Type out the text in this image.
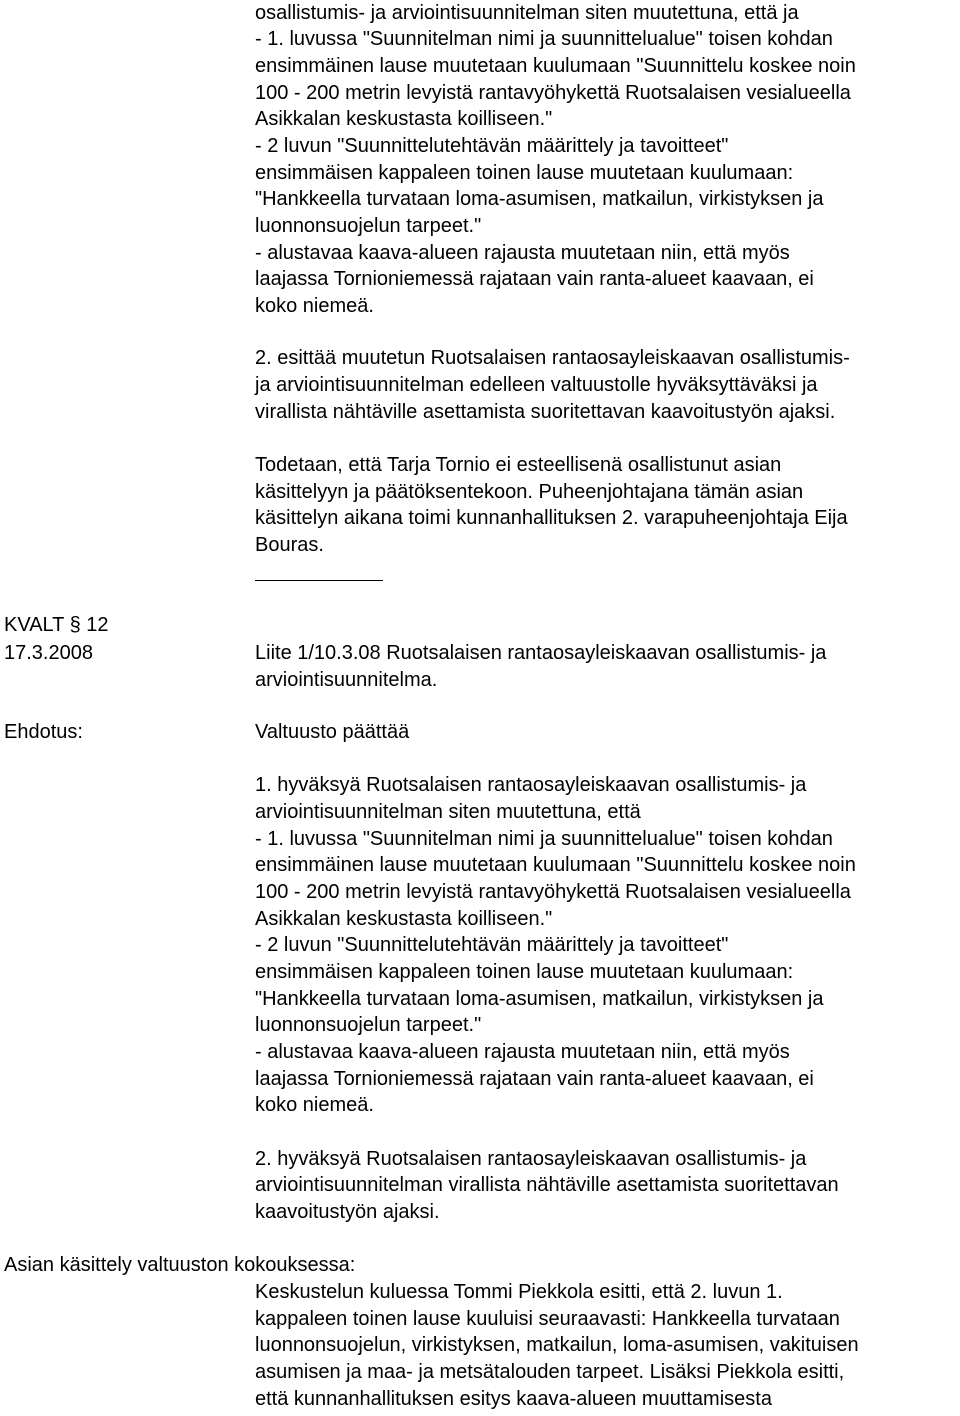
osallistumis- ja arviointisuunnitelman siten muutettuna, että ja
- 1. luvussa "Suunnitelman nimi ja suunnittelualue" toisen kohdan
ensimmäinen lause muutetaan kuulumaan "Suunnittelu koskee noin
100 - 200 metrin levyistä rantavyöhykettä Ruotsalaisen vesialueella
Asikkalan keskustasta koilliseen."
- 2 luvun "Suunnittelutehtävän määrittely ja tavoitteet"
ensimmäisen kappaleen toinen lause muutetaan kuulumaan:
"Hankkeella turvataan loma-asumisen, matkailun, virkistyksen ja
luonnonsuojelun tarpeet."
- alustavaa kaava-alueen rajausta muutetaan niin, että myös
laajassa Tornioniemessä rajataan vain ranta-alueet kaavaan, ei
koko niemeä.
2. esittää muutetun Ruotsalaisen rantaosayleiskaavan osallistumis-
ja arviointisuunnitelman edelleen valtuustolle hyväksyttäväksi ja
virallista nähtäville asettamista suoritettavan kaavoitustyön ajaksi.
Todetaan, että Tarja Tornio ei esteellisenä osallistunut asian
käsittelyyn ja päätöksentekoon. Puheenjohtajana tämän asian
käsittelyn aikana toimi kunnanhallituksen 2. varapuheenjohtaja Eija
Bouras.
KVALT § 12
17.3.2008	Liite 1/10.3.08 Ruotsalaisen rantaosayleiskaavan osallistumis- ja
arviointisuunnitelma.
Ehdotus:	Valtuusto päättää
1. hyväksyä Ruotsalaisen rantaosayleiskaavan osallistumis- ja
arviointisuunnitelman siten muutettuna, että
- 1. luvussa "Suunnitelman nimi ja suunnittelualue" toisen kohdan
ensimmäinen lause muutetaan kuulumaan "Suunnittelu koskee noin
100 - 200 metrin levyistä rantavyöhykettä Ruotsalaisen vesialueella
Asikkalan keskustasta koilliseen."
- 2 luvun "Suunnittelutehtävän määrittely ja tavoitteet"
ensimmäisen kappaleen toinen lause muutetaan kuulumaan:
"Hankkeella turvataan loma-asumisen, matkailun, virkistyksen ja
luonnonsuojelun tarpeet."
- alustavaa kaava-alueen rajausta muutetaan niin, että myös
laajassa Tornioniemessä rajataan vain ranta-alueet kaavaan, ei
koko niemeä.
2. hyväksyä Ruotsalaisen rantaosayleiskaavan osallistumis- ja
arviointisuunnitelman virallista nähtäville asettamista suoritettavan
kaavoitustyön ajaksi.
Asian käsittely valtuuston kokouksessa:
Keskustelun kuluessa Tommi Piekkola esitti, että 2. luvun 1.
kappaleen toinen lause kuuluisi seuraavasti: Hankkeella turvataan
luonnonsuojelun, virkistyksen, matkailun, loma-asumisen, vakituisen
asumisen ja maa- ja metsätalouden tarpeet. Lisäksi Piekkola esitti,
että kunnanhallituksen esitys kaava-alueen muuttamisesta
